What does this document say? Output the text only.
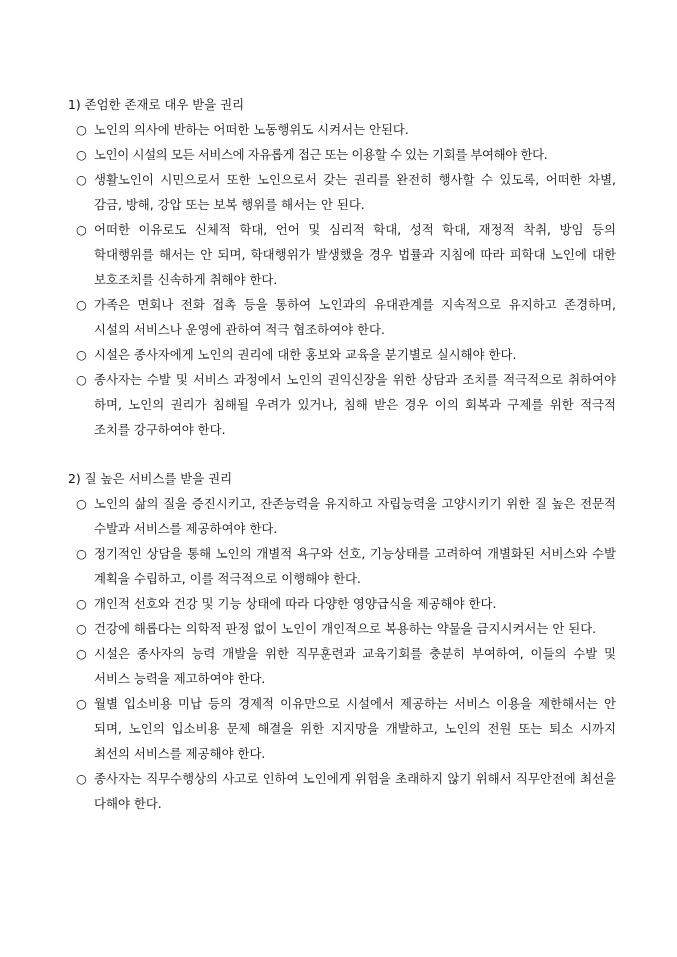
1) 존엄한 존재로 대우 받을 권리
○ 노인의 의사에 반하는 어떠한 노동행위도 시켜서는 안된다.
○ 노인이 시설의 모든 서비스에 자유롭게 접근 또는 이용할 수 있는 기회를 부여해야 한다.
○ 생활노인이 시민으로서 또한 노인으로서 갖는 권리를 완전히 행사할 수 있도록, 어떠한 차별, 감금, 방해, 강압 또는 보복 행위를 해서는 안 된다.
○ 어떠한 이유로도 신체적 학대, 언어 및 심리적 학대, 성적 학대, 재정적 착취, 방임 등의 학대행위를 해서는 안 되며, 학대행위가 발생했을 경우 법률과 지침에 따라 피학대 노인에 대한 보호조치를 신속하게 취해야 한다.
○ 가족은 면회나 전화 접촉 등을 통하여 노인과의 유대관계를 지속적으로 유지하고 존경하며, 시설의 서비스나 운영에 관하여 적극 협조하여야 한다.
○ 시설은 종사자에게 노인의 권리에 대한 홍보와 교육을 분기별로 실시해야 한다.
○ 종사자는 수발 및 서비스 과정에서 노인의 권익신장을 위한 상담과 조치를 적극적으로 취하여야 하며, 노인의 권리가 침해될 우려가 있거나, 침해 받은 경우 이의 회복과 구제를 위한 적극적 조치를 강구하여야 한다.
2) 질 높은 서비스를 받을 권리
○ 노인의 삶의 질을 증진시키고, 잔존능력을 유지하고 자립능력을 고양시키기 위한 질 높은 전문적 수발과 서비스를 제공하여야 한다.
○ 정기적인 상담을 통해 노인의 개별적 욕구와 선호, 기능상태를 고려하여 개별화된 서비스와 수발 계획을 수립하고, 이를 적극적으로 이행해야 한다.
○ 개인적 선호와 건강 및 기능 상태에 따라 다양한 영양급식을 제공해야 한다.
○ 건강에 해롭다는 의학적 판정 없이 노인이 개인적으로 복용하는 약물을 금지시켜서는 안 된다.
○ 시설은 종사자의 능력 개발을 위한 직무훈련과 교육기회를 충분히 부여하여, 이들의 수발 및 서비스 능력을 제고하여야 한다.
○ 월별 입소비용 미납 등의 경제적 이유만으로 시설에서 제공하는 서비스 이용을 제한해서는 안 되며, 노인의 입소비용 문제 해결을 위한 지지망을 개발하고, 노인의 전원 또는 퇴소 시까지 최선의 서비스를 제공해야 한다.
○ 종사자는 직무수행상의 사고로 인하여 노인에게 위험을 초래하지 않기 위해서 직무안전에 최선을 다해야 한다.
